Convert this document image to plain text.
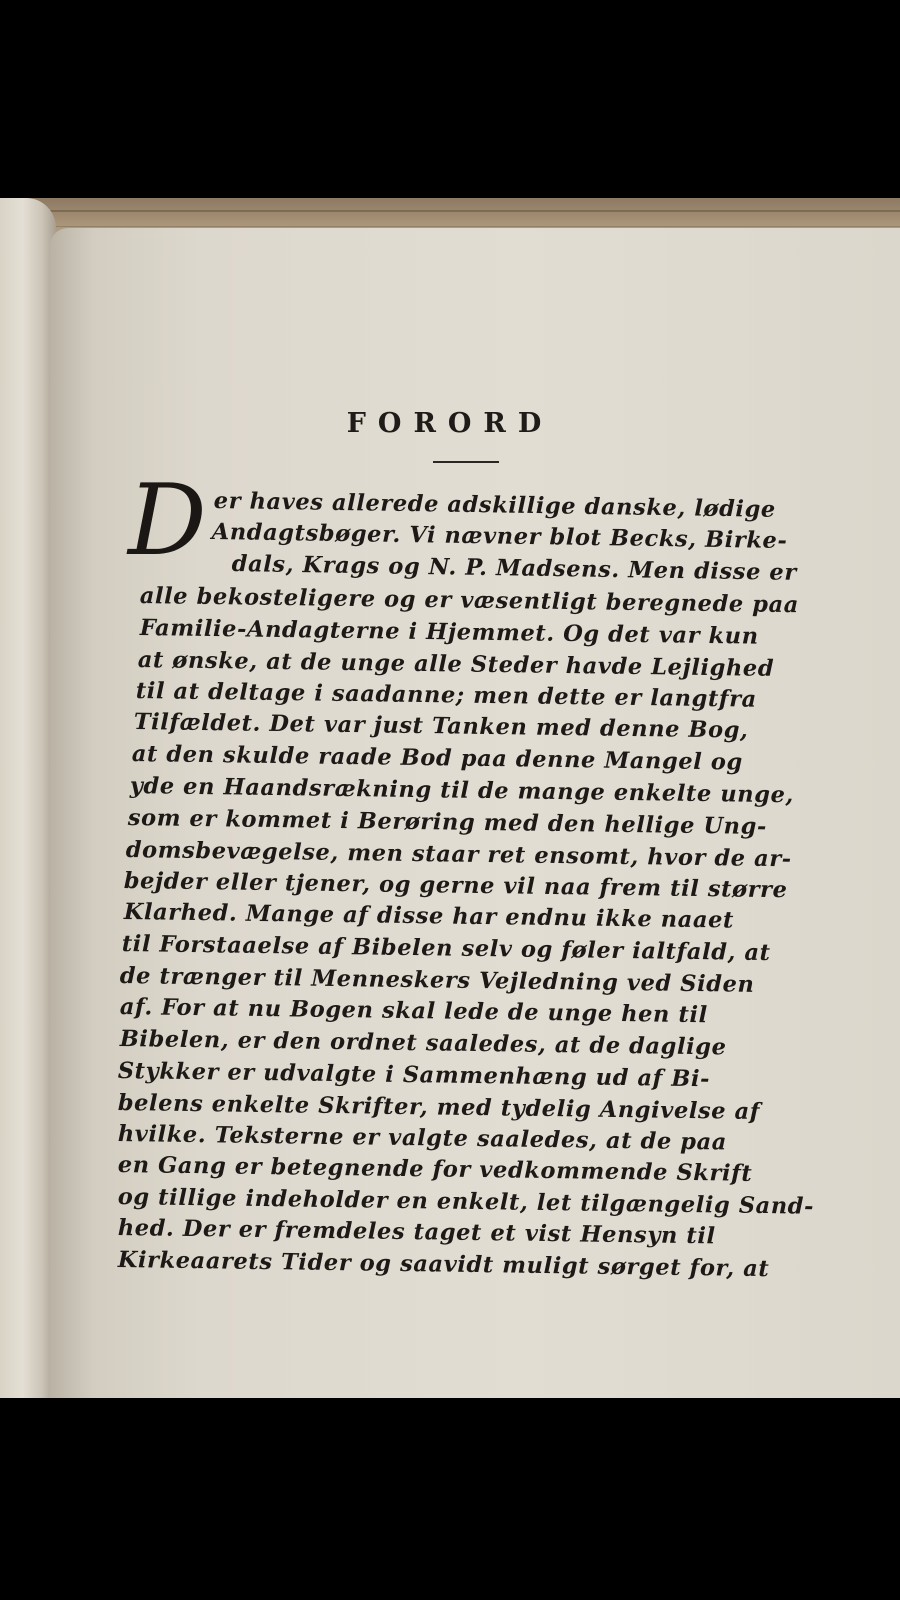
FORORD
D er haves allerede adskillige danske, lødige
Andagtsbøger. Vi nævner blot Becks, Birke-
dals, Krags og N. P. Madsens. Men disse er
alle bekosteligere og er væsentligt beregnede paa
Familie-Andagterne i Hjemmet. Og det var kun
at ønske, at de unge alle Steder havde Lejlighed
til at deltage i saadanne; men dette er langtfra
Tilfældet. Det var just Tanken med denne Bog,
at den skulde raade Bod paa denne Mangel og
yde en Haandsrækning til de mange enkelte unge,
som er kommet i Berøring med den hellige Ung-
domsbevægelse, men staar ret ensomt, hvor de ar-
bejder eller tjener, og gerne vil naa frem til større
Klarhed. Mange af disse har endnu ikke naaet
til Forstaaelse af Bibelen selv og føler ialtfald, at
de trænger til Menneskers Vejledning ved Siden
af. For at nu Bogen skal lede de unge hen til
Bibelen, er den ordnet saaledes, at de daglige
Stykker er udvalgte i Sammenhæng ud af Bi-
belens enkelte Skrifter, med tydelig Angivelse af
hvilke. Teksterne er valgte saaledes, at de paa
en Gang er betegnende for vedkommende Skrift
og tillige indeholder en enkelt, let tilgængelig Sand-
hed. Der er fremdeles taget et vist Hensyn til
Kirkeaarets Tider og saavidt muligt sørget for, at
